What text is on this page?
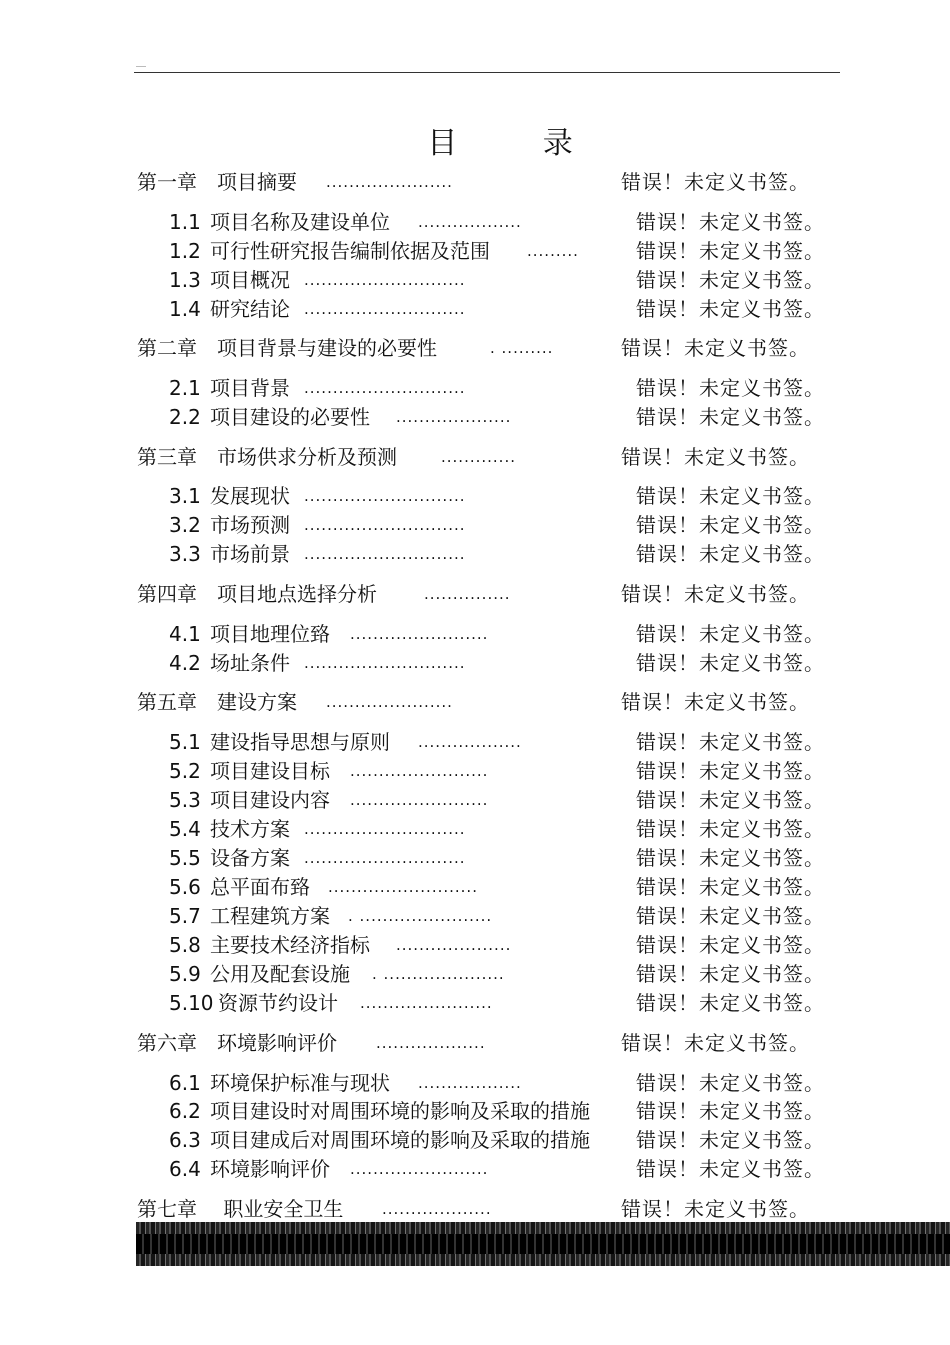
目 录
第一章　项目摘要 ......................	错误！未定义书签。
1.1 项目名称及建设单位 ..................	错误！未定义书签。
1.2 可行性研究报告编制依据及范围 .........	错误！未定义书签。
1.3 项目概况 ............................	错误！未定义书签。
1.4 研究结论 ............................	错误！未定义书签。
第二章　项目背景与建设的必要性	. .........	错误！未定义书签。
2.1 项目背景 ............................	错误！未定义书签。
2.2 项目建设的必要性 ....................	错误！未定义书签。
第三章　市场供求分析及预测	.............	错误！未定义书签。
3.1 发展现状 ............................	错误！未定义书签。
3.2 市场预测 ............................	错误！未定义书签。
3.3 市场前景 ............................	错误！未定义书签。
第四章　项目地点选择分析	...............	错误！未定义书签。
4.1 项目地理位臵 ........................	错误！未定义书签。
4.2 场址条件 ............................	错误！未定义书签。
第五章　建设方案 ......................	错误！未定义书签。
5.1 建设指导思想与原则 ..................	错误！未定义书签。
5.2 项目建设目标 ........................	错误！未定义书签。
5.3 项目建设内容 ........................	错误！未定义书签。
5.4 技术方案 ............................	错误！未定义书签。
5.5 设备方案 ............................	错误！未定义书签。
5.6 总平面布臵 ..........................	错误！未定义书签。
5.7 工程建筑方案 . .......................	错误！未定义书签。
5.8 主要技术经济指标 ....................	错误！未定义书签。
5.9 公用及配套设施 . .....................	错误！未定义书签。
5.10 资源节约设计 .......................	错误！未定义书签。
第六章　环境影响评价	...................	错误！未定义书签。
6.1 环境保护标准与现状 ..................	错误！未定义书签。
6.2 项目建设时对周围环境的影响及采取的措施 错误！未定义书签。
6.3 项目建成后对周围环境的影响及采取的措施 错误！未定义书签。
6.4 环境影响评价 ........................	错误！未定义书签。
第七章　 职业安全卫生	...................	错误！未定义书签。
